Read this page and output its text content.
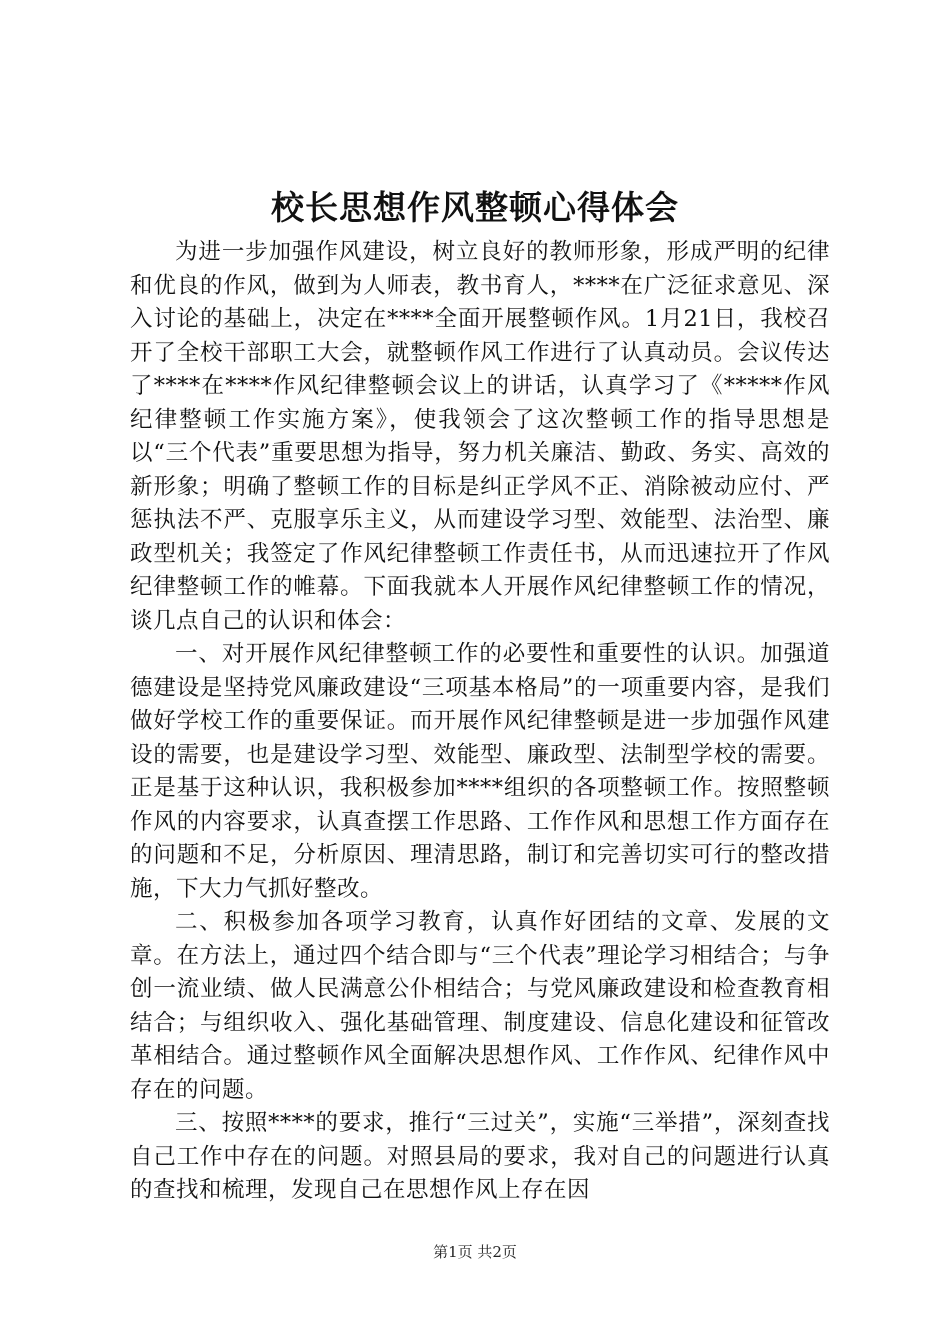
校长思想作风整顿心得体会

为进一步加强作风建设，树立良好的教师形象，形成严明的纪律和优良的作风，做到为人师表，教书育人，****在广泛征求意见、深入讨论的基础上，决定在****全面开展整顿作风。1月21日，我校召开了全校干部职工大会，就整顿作风工作进行了认真动员。会议传达了****在****作风纪律整顿会议上的讲话，认真学习了《*****作风纪律整顿工作实施方案》，使我领会了这次整顿工作的指导思想是以“三个代表”重要思想为指导，努力机关廉洁、勤政、务实、高效的新形象；明确了整顿工作的目标是纠正学风不正、消除被动应付、严惩执法不严、克服享乐主义，从而建设学习型、效能型、法治型、廉政型机关；我签定了作风纪律整顿工作责任书，从而迅速拉开了作风纪律整顿工作的帷幕。下面我就本人开展作风纪律整顿工作的情况，谈几点自己的认识和体会：

一、对开展作风纪律整顿工作的必要性和重要性的认识。加强道德建设是坚持党风廉政建设“三项基本格局”的一项重要内容，是我们做好学校工作的重要保证。而开展作风纪律整顿是进一步加强作风建设的需要，也是建设学习型、效能型、廉政型、法制型学校的需要。正是基于这种认识，我积极参加****组织的各项整顿工作。按照整顿作风的内容要求，认真查摆工作思路、工作作风和思想工作方面存在的问题和不足，分析原因、理清思路，制订和完善切实可行的整改措施，下大力气抓好整改。

二、积极参加各项学习教育，认真作好团结的文章、发展的文章。在方法上，通过四个结合即与“三个代表”理论学习相结合；与争创一流业绩、做人民满意公仆相结合；与党风廉政建设和检查教育相结合；与组织收入、强化基础管理、制度建设、信息化建设和征管改革相结合。通过整顿作风全面解决思想作风、工作作风、纪律作风中存在的问题。

三、按照****的要求，推行“三过关”，实施“三举措”，深刻查找自己工作中存在的问题。对照县局的要求，我对自己的问题进行认真的查找和梳理，发现自己在思想作风上存在因

第1页 共2页
